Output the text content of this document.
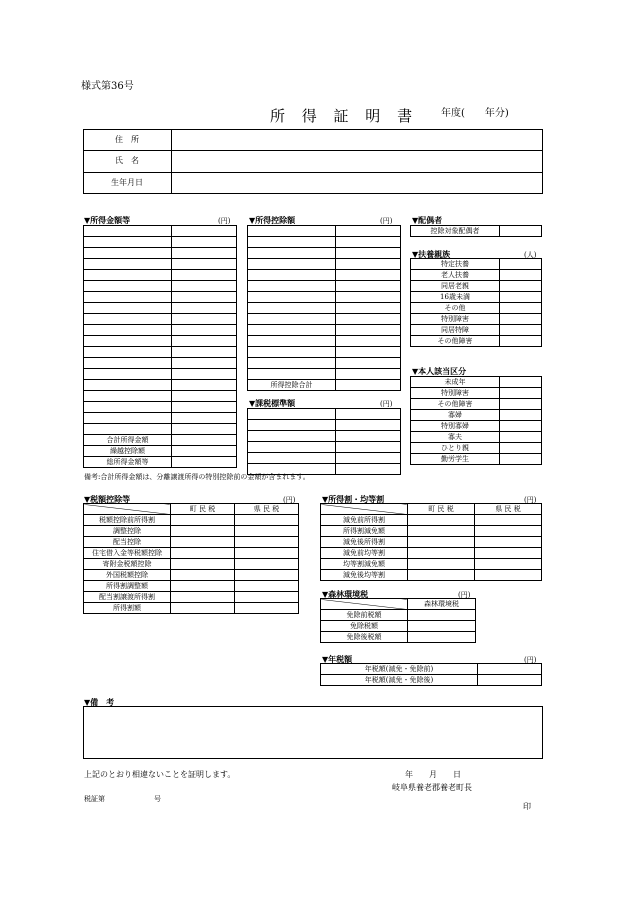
様式第36号
所 得 証 明 書 年度(　　年分)
住　所
氏　名
生年月日
▼所得金額等	(円)

合計所得金額	
繰越控除額	
総所得金額等	
備考:合計所得金額は、分離譲渡所得の特別控除前の金額が含まれます。
▼所得控除額	(円)

所得控除合計	
▼課税標準額	(円)

▼配偶者
控除対象配偶者	
▼扶養親族	(人)
特定扶養	
老人扶養	
同居老親	
16歳未満	
その他	
特別障害	
同居特障	
その他障害	
▼本人該当区分
未成年	
特別障害	
その他障害	
寡婦	
特別寡婦	
寡夫	
ひとり親	
勤労学生	
▼税額控除等	(円)
	町 民 税	県 民 税
税額控除前所得割		
調整控除		
配当控除		
住宅借入金等税額控除		
寄附金税額控除		
外国税額控除		
所得割調整額		
配当割譲渡所得割		
所得割額		
▼所得割・均等割	(円)
	町 民 税	県 民 税
減免前所得割		
所得割減免額		
減免後所得割		
減免前均等割		
均等割減免額		
減免後均等割		
▼森林環境税	(円)
	森林環境税
免除前税額	
免除税額	
免除後税額	
▼年税額	(円)
年税額(減免・免除前)	
年税額(減免・免除後)	
▼備　考
上記のとおり相違ないことを証明します。	年　　月　　日
岐阜県養老郡養老町長
税証第　　　　　　　号
印
